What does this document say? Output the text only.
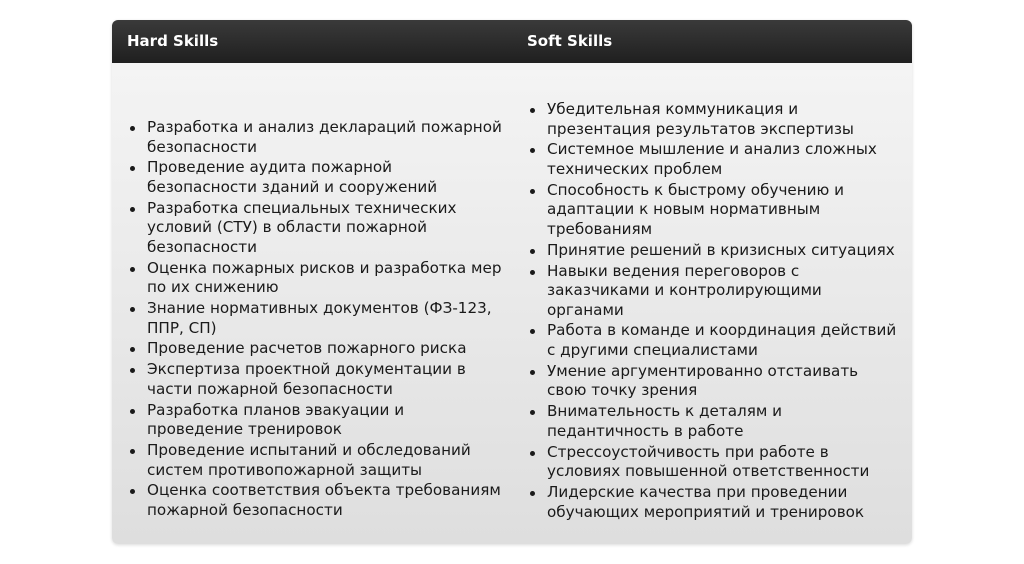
Hard Skills	Soft Skills
Разработка и анализ деклараций пожарной безопасности
Проведение аудита пожарной безопасности зданий и сооружений
Разработка специальных технических условий (СТУ) в области пожарной безопасности
Оценка пожарных рисков и разработка мер по их снижению
Знание нормативных документов (ФЗ-123, ППР, СП)
Проведение расчетов пожарного риска
Экспертиза проектной документации в части пожарной безопасности
Разработка планов эвакуации и проведение тренировок
Проведение испытаний и обследований систем противопожарной защиты
Оценка соответствия объекта требованиям пожарной безопасности
Убедительная коммуникация и презентация результатов экспертизы
Системное мышление и анализ сложных технических проблем
Способность к быстрому обучению и адаптации к новым нормативным требованиям
Принятие решений в кризисных ситуациях
Навыки ведения переговоров с заказчиками и контролирующими органами
Работа в команде и координация действий с другими специалистами
Умение аргументированно отстаивать свою точку зрения
Внимательность к деталям и педантичность в работе
Стрессоустойчивость при работе в условиях повышенной ответственности
Лидерские качества при проведении обучающих мероприятий и тренировок
